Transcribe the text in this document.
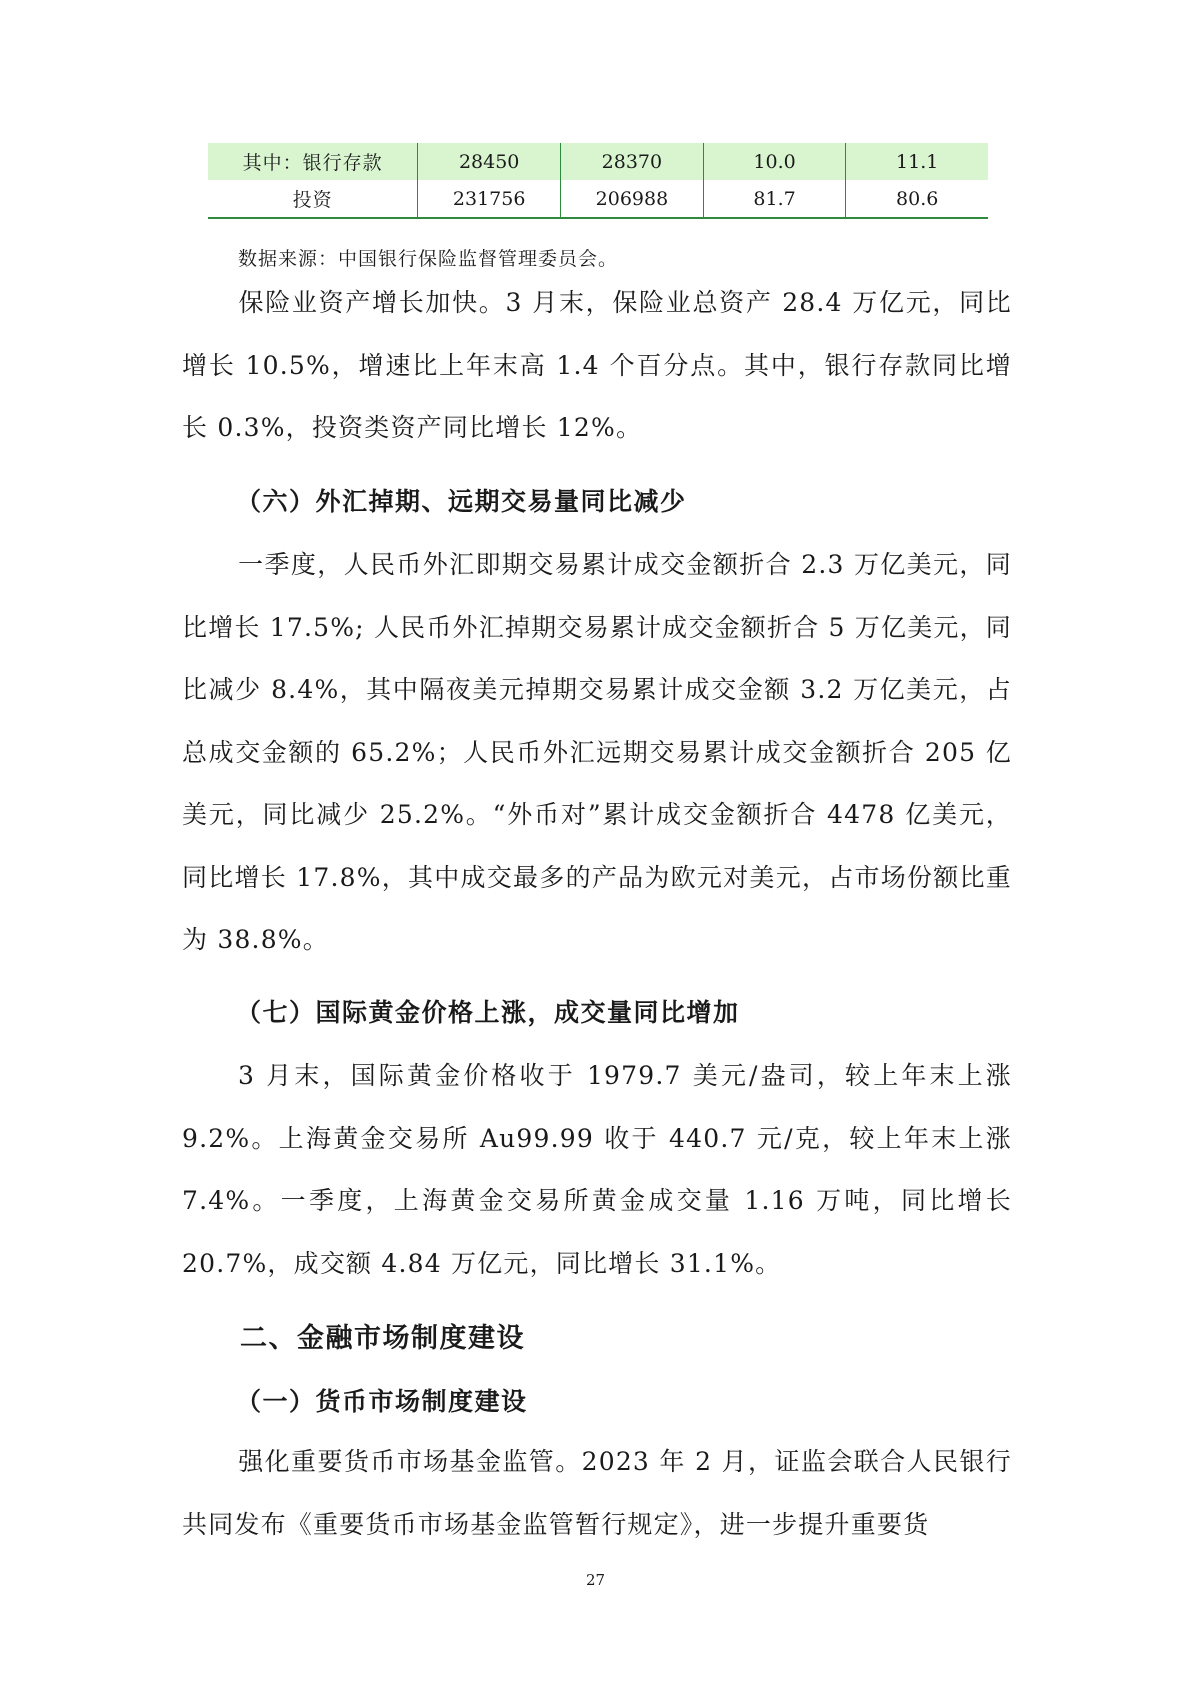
其中：银行存款	28450	28370	10.0	11.1
投资	231756	206988	81.7	80.6
数据来源：中国银行保险监督管理委员会。

保险业资产增长加快。3 月末，保险业总资产 28.4 万亿元，同比增长 10.5%，增速比上年末高 1.4 个百分点。其中，银行存款同比增长 0.3%，投资类资产同比增长 12%。

（六）外汇掉期、远期交易量同比减少

一季度，人民币外汇即期交易累计成交金额折合 2.3 万亿美元，同比增长 17.5%; 人民币外汇掉期交易累计成交金额折合 5 万亿美元，同比减少 8.4%，其中隔夜美元掉期交易累计成交金额 3.2 万亿美元，占总成交金额的 65.2%；人民币外汇远期交易累计成交金额折合 205 亿美元，同比减少 25.2%。“外币对”累计成交金额折合 4478 亿美元，同比增长 17.8%，其中成交最多的产品为欧元对美元，占市场份额比重为 38.8%。

（七）国际黄金价格上涨，成交量同比增加

3 月末，国际黄金价格收于 1979.7 美元/盎司，较上年末上涨 9.2%。上海黄金交易所 Au99.99 收于 440.7 元/克，较上年末上涨 7.4%。一季度，上海黄金交易所黄金成交量 1.16 万吨，同比增长 20.7%，成交额 4.84 万亿元，同比增长 31.1%。

二、金融市场制度建设
（一）货币市场制度建设

强化重要货币市场基金监管。2023 年 2 月，证监会联合人民银行共同发布《重要货币市场基金监管暂行规定》，进一步提升重要货

27
